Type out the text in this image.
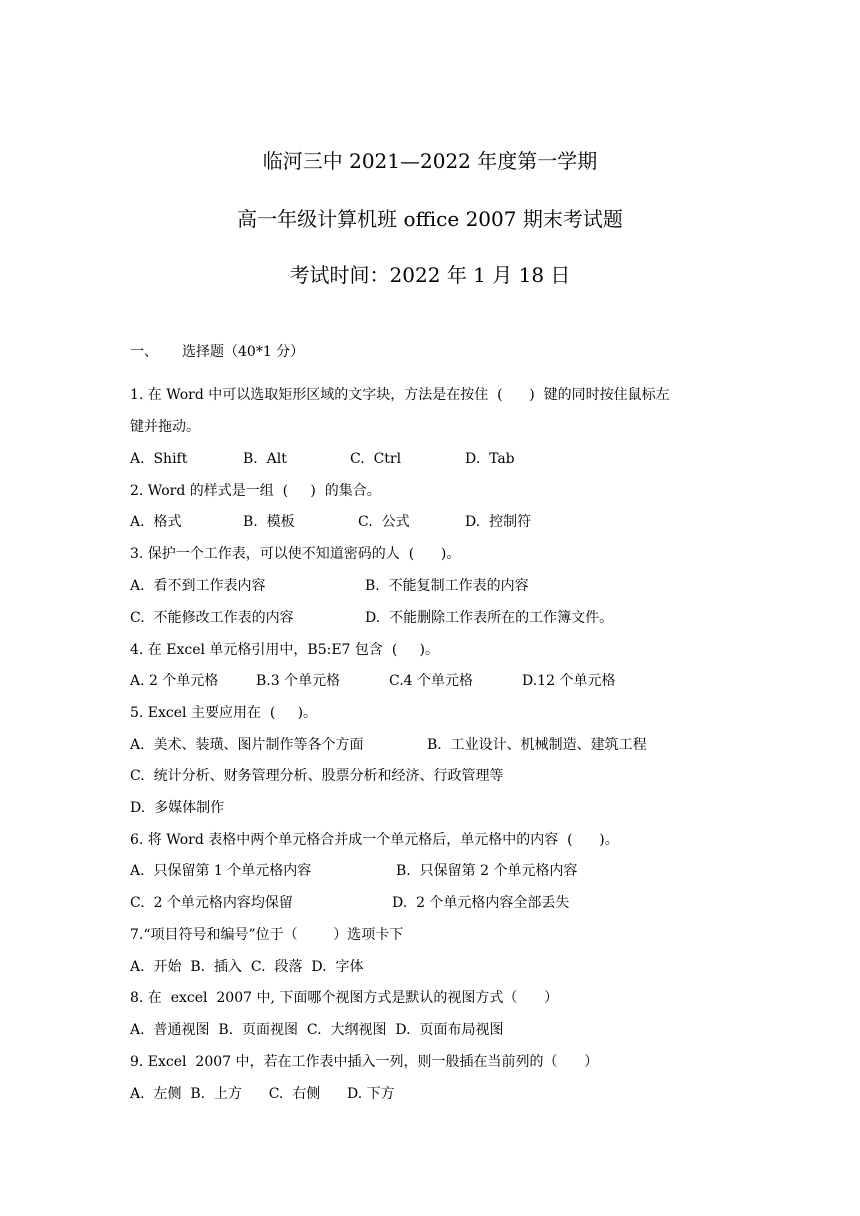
临河三中 2021—2022 年度第一学期
高一年级计算机班 office 2007 期末考试题
考试时间：2022 年 1 月 18 日
一、 选择题（40*1 分）
1. 在 Word 中可以选取矩形区域的文字块，方法是在按住  (      )  键的同时按住鼠标左
键并拖动。
A.  Shift	B.  Alt	C.  Ctrl	D.  Tab
2. Word 的样式是一组  (     )  的集合。
A.  格式	B.  模板	C.  公式	D.  控制符
3. 保护一个工作表，可以使不知道密码的人  (      )。
A.  看不到工作表内容	B.  不能复制工作表的内容
C.  不能修改工作表的内容	D.  不能删除工作表所在的工作簿文件。
4. 在 Excel 单元格引用中，B5:E7 包含  (     )。
A. 2 个单元格	B.3 个单元格	C.4 个单元格	D.12 个单元格
5. Excel 主要应用在  (     )。
A.  美术、装璜、图片制作等各个方面	B.  工业设计、机械制造、建筑工程
C.  统计分析、财务管理分析、股票分析和经济、行政管理等
D.  多媒体制作
6. 将 Word 表格中两个单元格合并成一个单元格后，单元格中的内容  (      )。
A.  只保留第 1 个单元格内容	B.  只保留第 2 个单元格内容
C.  2 个单元格内容均保留	D.  2 个单元格内容全部丢失
7.“项目符号和编号”位于（        ）选项卡下
A.  开始  B.  插入  C.  段落  D.  字体
8. 在  excel  2007 中, 下面哪个视图方式是默认的视图方式（      ）
A.  普通视图  B.  页面视图  C.  大纲视图  D.  页面布局视图
9. Excel  2007 中，若在工作表中插入一列，则一般插在当前列的（      ）
A.  左侧  B.  上方      C.  右侧      D. 下方
